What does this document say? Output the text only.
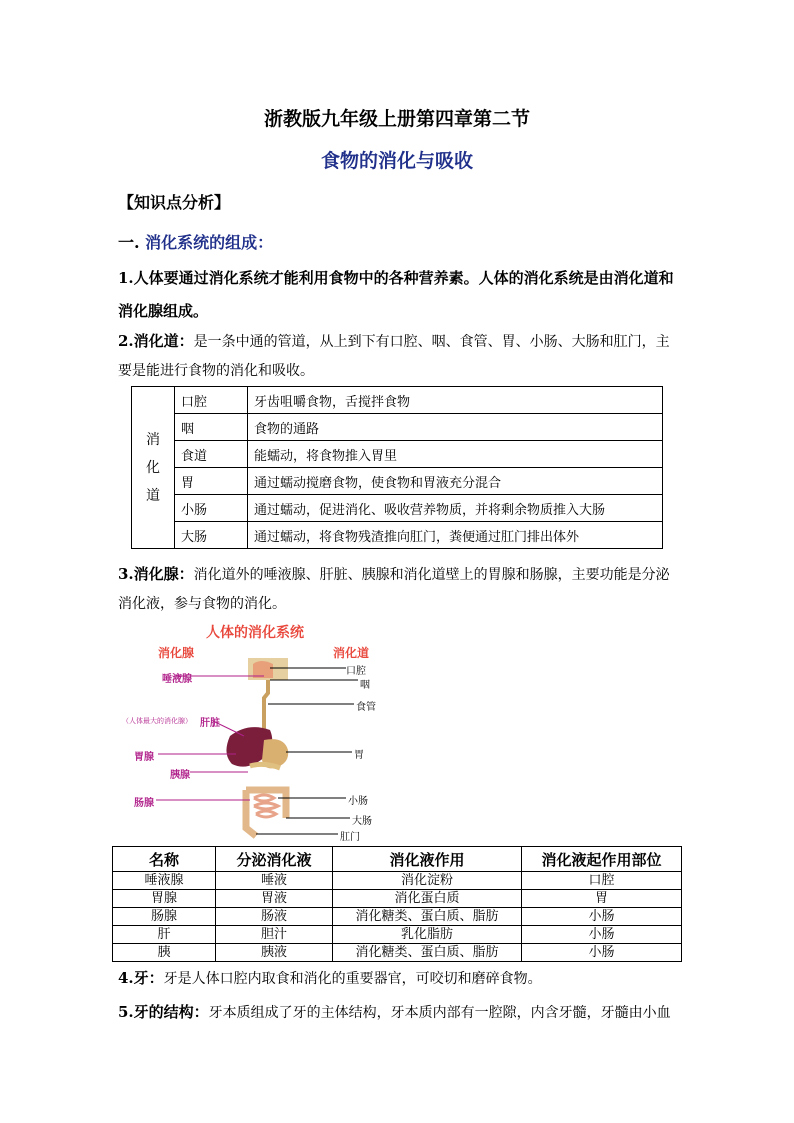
浙教版九年级上册第四章第二节
食物的消化与吸收
【知识点分析】
一. 消化系统的组成：
1.人体要通过消化系统才能利用食物中的各种营养素。人体的消化系统是由消化道和消化腺组成。
2.消化道：是一条中通的管道，从上到下有口腔、咽、食管、胃、小肠、大肠和肛门，主要是能进行食物的消化和吸收。
消化道	口腔	牙齿咀嚼食物，舌搅拌食物
	咽	食物的通路
	食道	能蠕动，将食物推入胃里
	胃	通过蠕动搅磨食物，使食物和胃液充分混合
	小肠	通过蠕动，促进消化、吸收营养物质，并将剩余物质推入大肠
	大肠	通过蠕动，将食物残渣推向肛门，粪便通过肛门排出体外
3.消化腺：消化道外的唾液腺、肝脏、胰腺和消化道壁上的胃腺和肠腺，主要功能是分泌消化液，参与食物的消化。
人体的消化系统
消化腺	消化道
唾液腺
（人体最大的消化腺） 肝脏
胃腺
胰腺
肠腺
口腔
咽
食管
胃
小肠
大肠
肛门
名称	分泌消化液	消化液作用	消化液起作用部位
唾液腺	唾液	消化淀粉	口腔
胃腺	胃液	消化蛋白质	胃
肠腺	肠液	消化糖类、蛋白质、脂肪	小肠
肝	胆汁	乳化脂肪	小肠
胰	胰液	消化糖类、蛋白质、脂肪	小肠
4.牙：牙是人体口腔内取食和消化的重要器官，可咬切和磨碎食物。
5.牙的结构：牙本质组成了牙的主体结构，牙本质内部有一腔隙，内含牙髓，牙髓由小血
